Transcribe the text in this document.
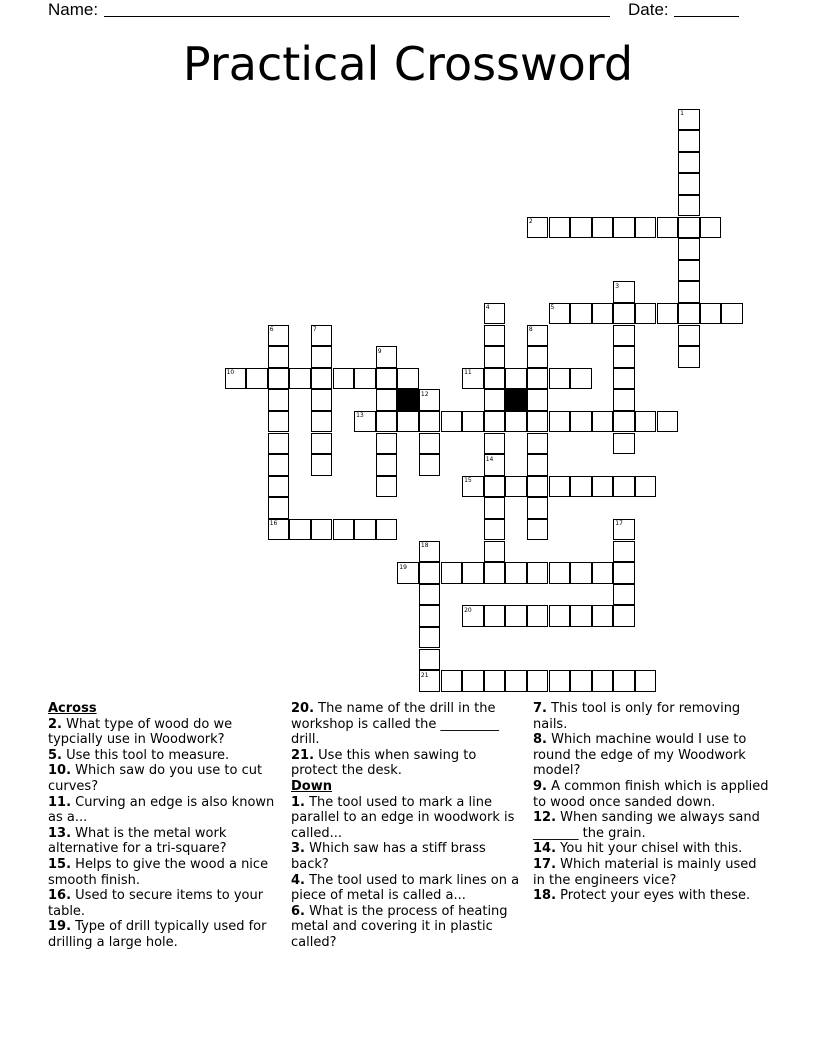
Name:	Date:
Practical Crossword
2
5
10	11
13
15
16
19
20
21
1
3
4
6	7	8
9
12
14
17
18
Across
2. What type of wood do we typcially use in Woodwork?
5. Use this tool to measure.
10. Which saw do you use to cut curves?
11. Curving an edge is also known as a...
13. What is the metal work alternative for a tri-square?
15. Helps to give the wood a nice smooth finish.
16. Used to secure items to your table.
19. Type of drill typically used for drilling a large hole.
20. The name of the drill in the workshop is called the _________ drill.
21. Use this when sawing to protect the desk.
Down
1. The tool used to mark a line parallel to an edge in woodwork is called...
3. Which saw has a stiff brass back?
4. The tool used to mark lines on a piece of metal is called a...
6. What is the process of heating metal and covering it in plastic called?
7. This tool is only for removing nails.
8. Which machine would I use to round the edge of my Woodwork model?
9. A common finish which is applied to wood once sanded down.
12. When sanding we always sand _______ the grain.
14. You hit your chisel with this.
17. Which material is mainly used in the engineers vice?
18. Protect your eyes with these.
